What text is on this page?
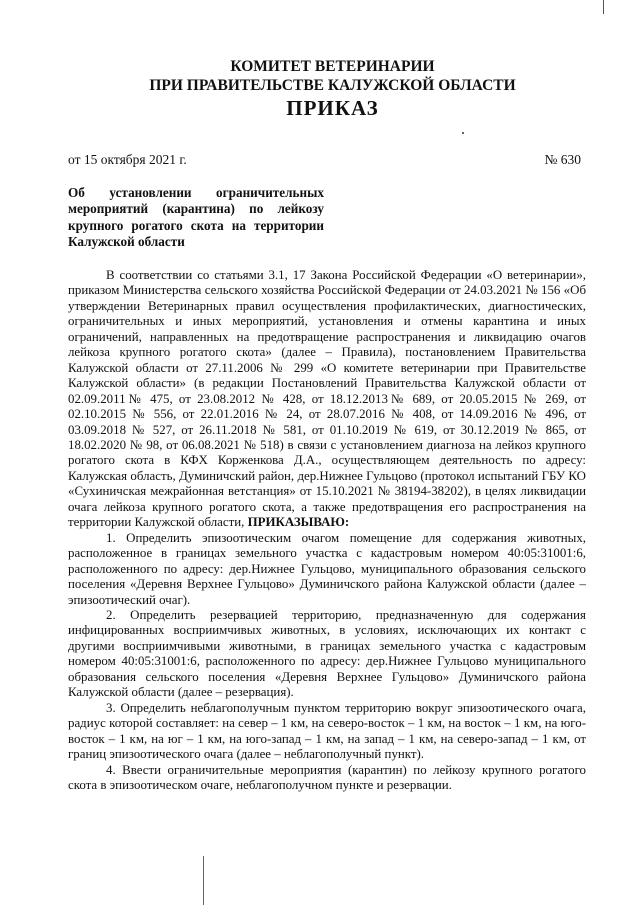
КОМИТЕТ ВЕТЕРИНАРИИ
ПРИ ПРАВИТЕЛЬСТВЕ КАЛУЖСКОЙ ОБЛАСТИ
ПРИКАЗ
от 15 октября 2021 г.	№ 630
Об установлении ограничительных мероприятий (карантина) по лейкозу крупного рогатого скота на территории Калужской области

В соответствии со статьями 3.1, 17 Закона Российской Федерации «О ветеринарии», приказом Министерства сельского хозяйства Российской Федерации от 24.03.2021 № 156 «Об утверждении Ветеринарных правил осуществления профилактических, диагностических, ограничительных и иных мероприятий, установления и отмены карантина и иных ограничений, направленных на предотвращение распространения и ликвидацию очагов лейкоза крупного рогатого скота» (далее – Правила), постановлением Правительства Калужской области от 27.11.2006 № 299 «О комитете ветеринарии при Правительстве Калужской области» (в редакции Постановлений Правительства Калужской области от 02.09.2011№ 475, от 23.08.2012 № 428, от 18.12.2013№ 689, от 20.05.2015 № 269, от 02.10.2015 № 556, от 22.01.2016 № 24, от 28.07.2016 № 408, от 14.09.2016 № 496, от 03.09.2018 № 527, от 26.11.2018 № 581, от 01.10.2019 № 619, от 30.12.2019 № 865, от 18.02.2020 № 98, от 06.08.2021 № 518) в связи с установлением диагноза на лейкоз крупного рогатого скота в КФХ Корженкова Д.А., осуществляющем деятельность по адресу: Калужская область, Думиничский район, дер.Нижнее Гульцово (протокол испытаний ГБУ КО «Сухиничская межрайонная ветстанция» от 15.10.2021 № 38194-38202), в целях ликвидации очага лейкоза крупного рогатого скота, а также предотвращения его распространения на территории Калужской области, ПРИКАЗЫВАЮ:

1. Определить эпизоотическим очагом помещение для содержания животных, расположенное в границах земельного участка с кадастровым номером 40:05:31001:6, расположенного по адресу: дер.Нижнее Гульцово, муниципального образования сельского поселения «Деревня Верхнее Гульцово» Думиничского района Калужской области (далее – эпизоотический очаг).

2. Определить резервацией территорию, предназначенную для содержания инфицированных восприимчивых животных, в условиях, исключающих их контакт с другими восприимчивыми животными, в границах земельного участка с кадастровым номером 40:05:31001:6, расположенного по адресу: дер.Нижнее Гульцово муниципального образования сельского поселения «Деревня Верхнее Гульцово» Думиничского района Калужской области (далее – резервация).

3. Определить неблагополучным пунктом территорию вокруг эпизоотического очага, радиус которой составляет: на север – 1 км, на северо-восток – 1 км, на восток – 1 км, на юго-восток – 1 км, на юг – 1 км, на юго-запад – 1 км, на запад – 1 км, на северо-запад – 1 км, от границ эпизоотического очага (далее – неблагополучный пункт).

4. Ввести ограничительные мероприятия (карантин) по лейкозу крупного рогатого скота в эпизоотическом очаге, неблагополучном пункте и резервации.
